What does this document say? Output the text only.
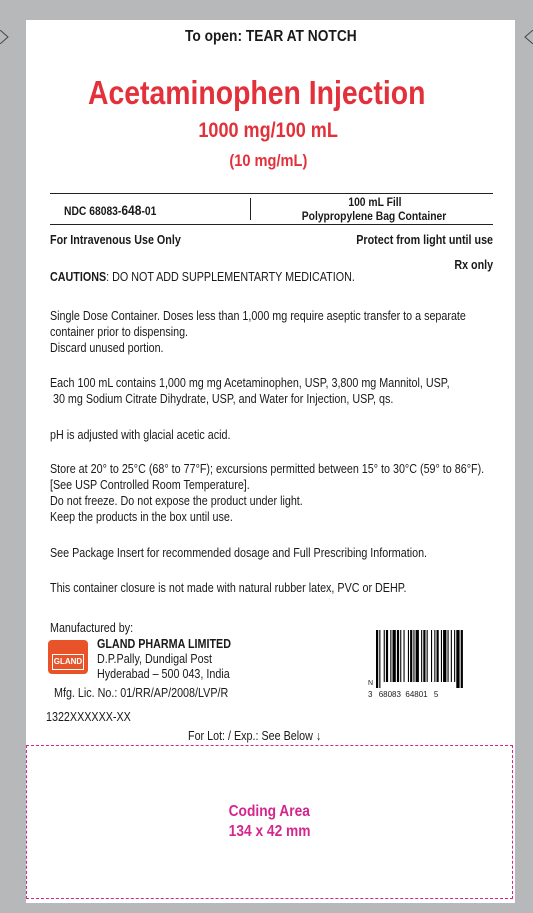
To open: TEAR AT NOTCH
Acetaminophen Injection
1000 mg/100 mL
(10 mg/mL)
NDC 68083-648-01
100 mL Fill
Polypropylene Bag Container
For Intravenous Use Only	Protect from light until use
Rx only
CAUTIONS: DO NOT ADD SUPPLEMENTARTY MEDICATION.
Single Dose Container. Doses less than 1,000 mg require aseptic transfer to a separate
container prior to dispensing.
Discard unused portion.
Each 100 mL contains 1,000 mg mg Acetaminophen, USP, 3,800 mg Mannitol, USP,
30 mg Sodium Citrate Dihydrate, USP, and Water for Injection, USP, qs.
pH is adjusted with glacial acetic acid.
Store at 20° to 25°C (68° to 77°F); excursions permitted between 15° to 30°C (59° to 86°F).
[See USP Controlled Room Temperature].
Do not freeze. Do not expose the product under light.
Keep the products in the box until use.
See Package Insert for recommended dosage and Full Prescribing Information.
This container closure is not made with natural rubber latex, PVC or DEHP.
Manufactured by:
GLAND
GLAND PHARMA LIMITED
D.P.Pally, Dundigal Post
Hyderabad – 500 043, India
Mfg. Lic. No.: 01/RR/AP/2008/LVP/R
1322XXXXXX-XX
N
3 68083  64801 5
For Lot: / Exp.: See Below ↓
Coding Area
134 x 42 mm
